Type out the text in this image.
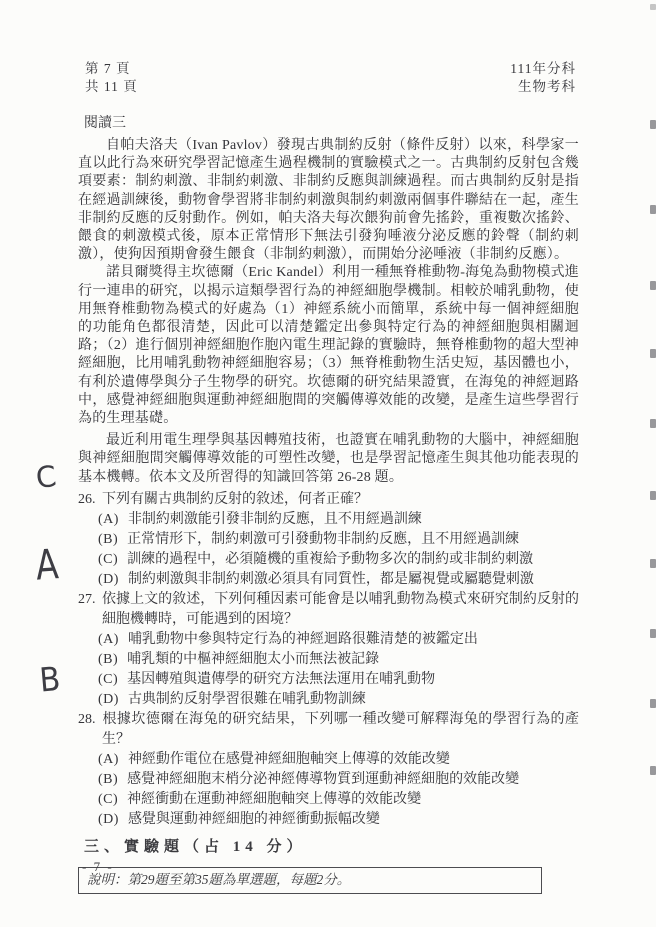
第 7 頁
共 11 頁
111年分科
生物考科
閱讀三

自帕夫洛夫（Ivan Pavlov）發現古典制約反射（條件反射）以來，科學家一直以此行為來研究學習記憶產生過程機制的實驗模式之一。古典制約反射包含幾項要素：制約刺激、非制約刺激、非制約反應與訓練過程。而古典制約反射是指在經過訓練後，動物會學習將非制約刺激與制約刺激兩個事件聯結在一起，產生非制約反應的反射動作。例如，帕夫洛夫每次餵狗前會先搖鈴，重複數次搖鈴、餵食的刺激模式後，原本正常情形下無法引發狗唾液分泌反應的鈴聲（制約刺激），使狗因預期會發生餵食（非制約刺激），而開始分泌唾液（非制約反應）。

諾貝爾獎得主坎德爾（Eric Kandel）利用一種無脊椎動物-海兔為動物模式進行一連串的研究，以揭示這類學習行為的神經細胞學機制。相較於哺乳動物，使用無脊椎動物為模式的好處為（1）神經系統小而簡單，系統中每一個神經細胞的功能角色都很清楚，因此可以清楚鑑定出參與特定行為的神經細胞與相關迴路；（2）進行個別神經細胞作胞內電生理記錄的實驗時，無脊椎動物的超大型神經細胞，比用哺乳動物神經細胞容易；（3）無脊椎動物生活史短，基因體也小，有利於遺傳學與分子生物學的研究。坎德爾的研究結果證實，在海兔的神經迴路中，感覺神經細胞與運動神經細胞間的突觸傳導效能的改變，是產生這些學習行為的生理基礎。

最近利用電生理學與基因轉殖技術，也證實在哺乳動物的大腦中，神經細胞與神經細胞間突觸傳導效能的可塑性改變，也是學習記憶產生與其他功能表現的基本機轉。依本文及所習得的知識回答第 26-28 題。

26. 下列有關古典制約反射的敘述，何者正確？
(A) 非制約刺激能引發非制約反應，且不用經過訓練
(B) 正常情形下，制約刺激可引發動物非制約反應，且不用經過訓練
(C) 訓練的過程中，必須隨機的重複給予動物多次的制約或非制約刺激
(D) 制約刺激與非制約刺激必須具有同質性，都是屬視覺或屬聽覺刺激
27. 依據上文的敘述，下列何種因素可能會是以哺乳動物為模式來研究制約反射的細胞機轉時，可能遇到的困境？
(A) 哺乳動物中參與特定行為的神經迴路很難清楚的被鑑定出
(B) 哺乳類的中樞神經細胞太小而無法被記錄
(C) 基因轉殖與遺傳學的研究方法無法運用在哺乳動物
(D) 古典制約反射學習很難在哺乳動物訓練
28. 根據坎德爾在海兔的研究結果，下列哪一種改變可解釋海兔的學習行為的產生？
(A) 神經動作電位在感覺神經細胞軸突上傳導的效能改變
(B) 感覺神經細胞末梢分泌神經傳導物質到運動神經細胞的效能改變
(C) 神經衝動在運動神經細胞軸突上傳導的效能改變
(D) 感覺與運動神經細胞的神經衝動振幅改變
三、實驗題（占 14 分）
說明：第29題至第35題為單選題，每題2分。
C
A
B
- 7 -
